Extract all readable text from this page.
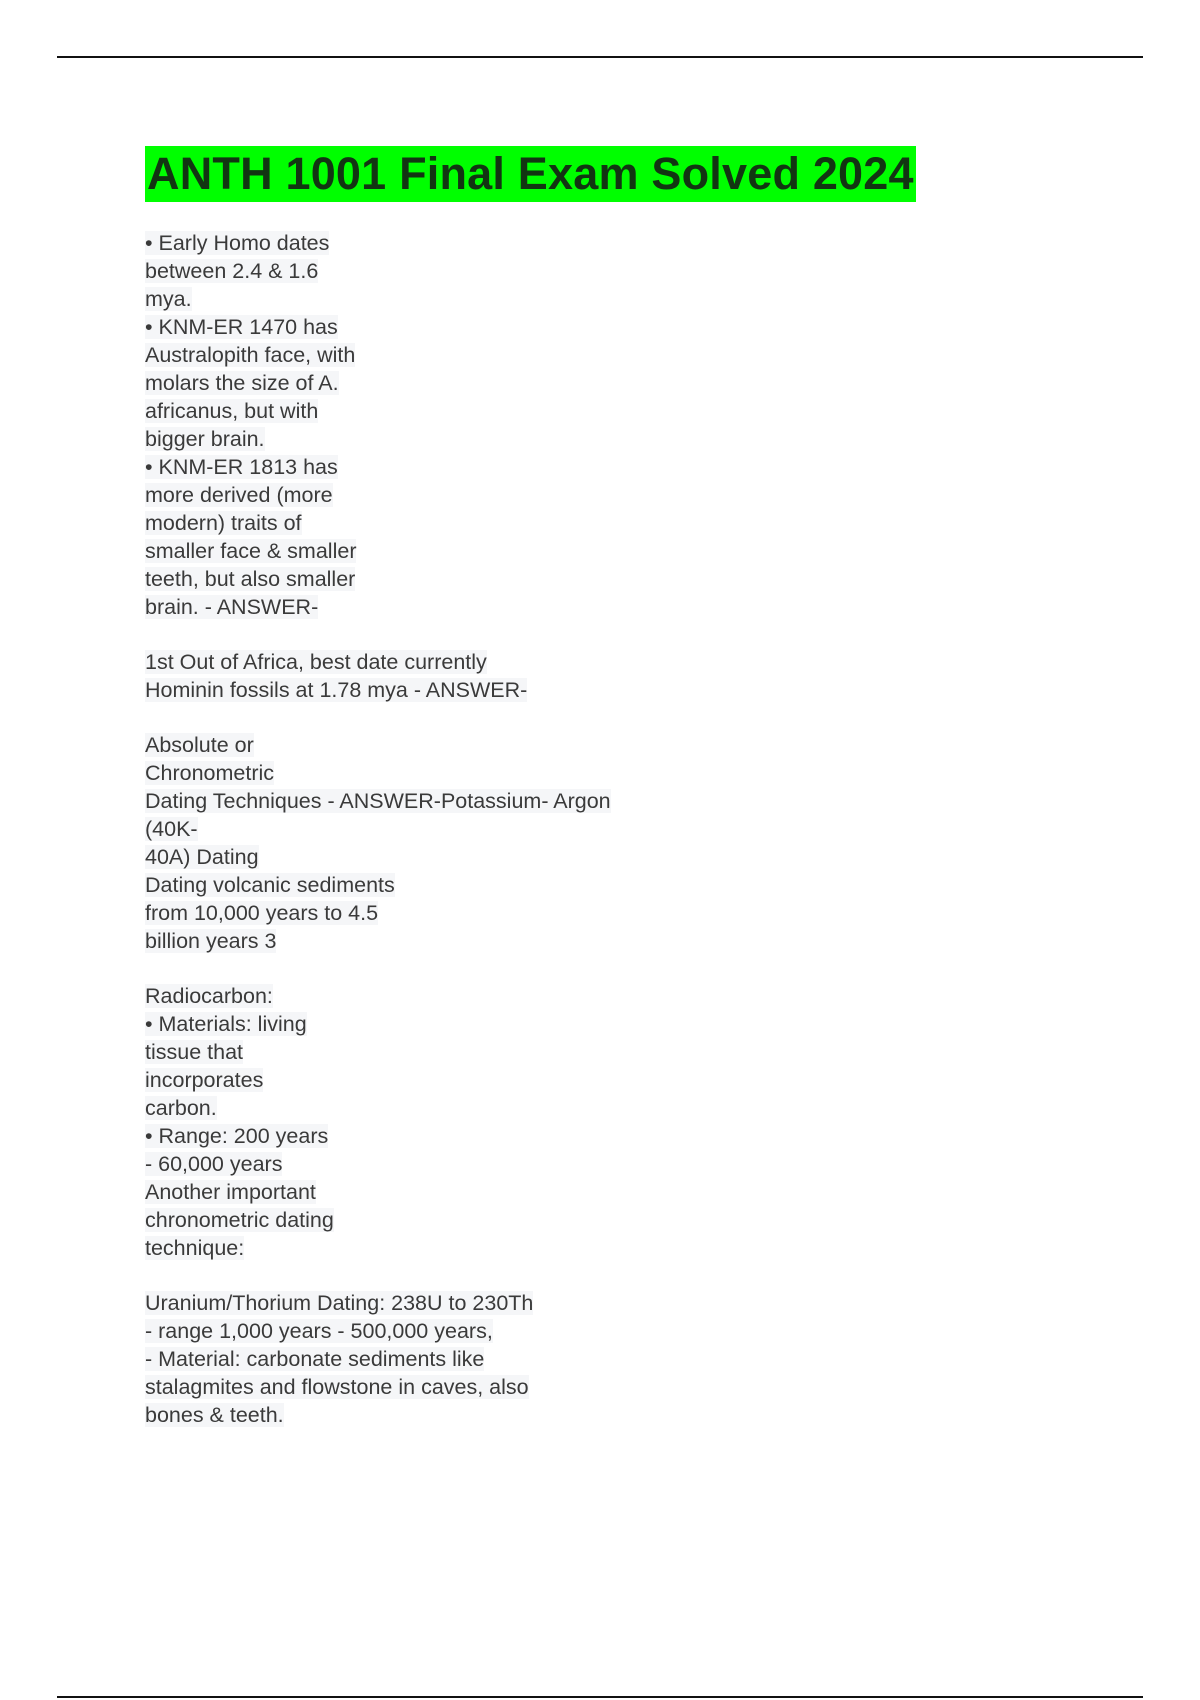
ANTH 1001 Final Exam Solved 2024
• Early Homo dates
between 2.4 & 1.6
mya.
• KNM-ER 1470 has
Australopith face, with
molars the size of A.
africanus, but with
bigger brain.
• KNM-ER 1813 has
more derived (more
modern) traits of
smaller face & smaller
teeth, but also smaller
brain. - ANSWER-
1st Out of Africa, best date currently
Hominin fossils at 1.78 mya - ANSWER-
Absolute or
Chronometric
Dating Techniques - ANSWER-Potassium- Argon
(40K-
40A) Dating
Dating volcanic sediments
from 10,000 years to 4.5
billion years 3
Radiocarbon:
• Materials: living
tissue that
incorporates
carbon.
• Range: 200 years
- 60,000 years
Another important
chronometric dating
technique:
Uranium/Thorium Dating: 238U to 230Th
- range 1,000 years - 500,000 years,
- Material: carbonate sediments like
stalagmites and flowstone in caves, also
bones & teeth.
